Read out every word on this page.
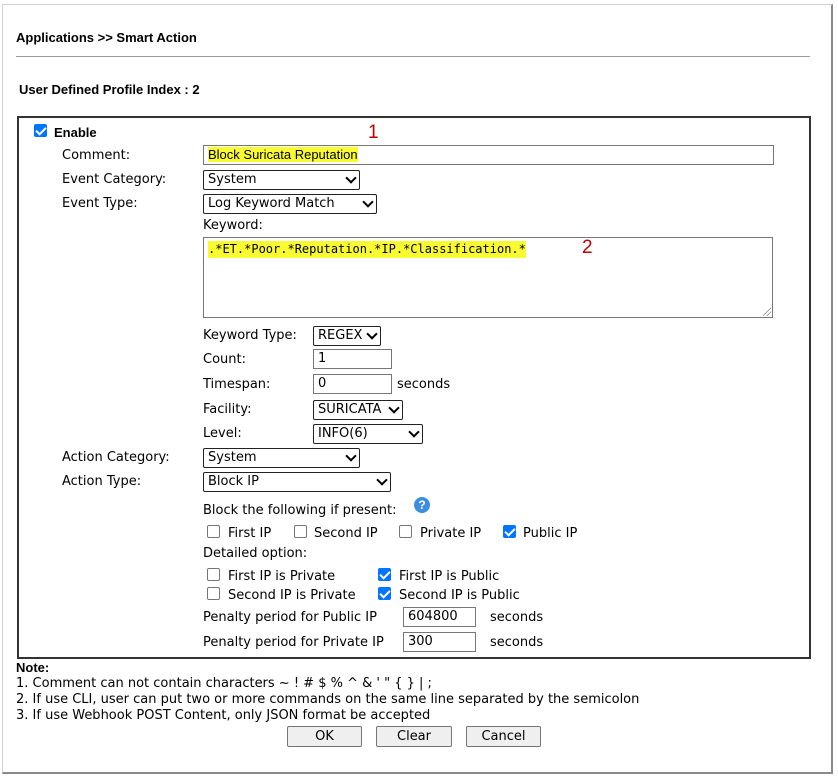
Applications >> Smart Action
User Defined Profile Index : 2
Enable	1
Comment:	Block Suricata Reputation
Event Category:	System
Event Type:	Log Keyword Match
Keyword:
.*ET.*Poor.*Reputation.*IP.*Classification.*	2
Keyword Type:	REGEX
Count:	1
Timespan:	0	seconds
Facility:	SURICATA
Level:	INFO(6)
Action Category:	System
Action Type:	Block IP
Block the following if present:	?
First IP	Second IP	Private IP	Public IP
Detailed option:
First IP is Private	First IP is Public
Second IP is Private	Second IP is Public
Penalty period for Public IP	604800	seconds
Penalty period for Private IP	300	seconds
Note:
1. Comment can not contain characters ~ ! # $ % ^ & ' " { } | ;
2. If use CLI, user can put two or more commands on the same line separated by the semicolon
3. If use Webhook POST Content, only JSON format be accepted
OK	Clear	Cancel
